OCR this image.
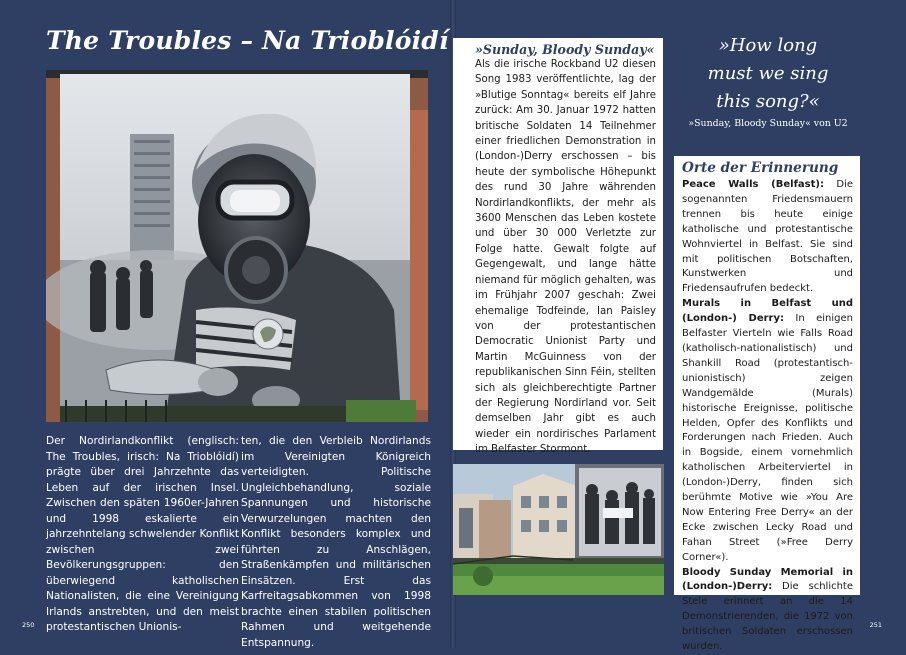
The Troubles – Na Trioblóidí
Der Nordirlandkonflikt (englisch: The Troubles, irisch: Na Trioblóidí) prägte über drei Jahrzehnte das Leben auf der irischen Insel. Zwischen den späten 1960er-Jahren und 1998 eskalierte ein jahrzehntelang schwelender Konflikt zwischen zwei Bevölkerungsgruppen: den überwiegend katholischen Nationalisten, die eine Vereinigung Irlands anstrebten, und den meist protestantischen Unionis-
ten, die den Verbleib Nordirlands im Vereinigten Königreich verteidigten. Politische Ungleichbehandlung, soziale Spannungen und historische Verwurzelungen machten den Konflikt besonders komplex und führten zu Anschlägen, Straßenkämpfen und militärischen Einsätzen. Erst das Karfreitagsabkommen von 1998 brachte einen stabilen politischen Rahmen und weitgehende Entspannung.
250
»Sunday, Bloody Sunday«
Als die irische Rockband U2 diesen Song 1983 veröffentlichte, lag der »Blutige Sonntag« bereits elf Jahre zurück: Am 30. Januar 1972 hatten britische Soldaten 14 Teilnehmer einer friedlichen Demonstration in (London-)Derry erschossen – bis heute der symbolische Höhepunkt des rund 30 Jahre währenden Nordirlandkonflikts, der mehr als 3600 Menschen das Leben kostete und über 30 000 Verletzte zur Folge hatte. Gewalt folgte auf Gegengewalt, und lange hätte niemand für möglich gehalten, was im Frühjahr 2007 geschah: Zwei ehemalige Todfeinde, Ian Paisley von der protestantischen Democratic Unionist Party und Martin McGuinness von der republikanischen Sinn Féin, stellten sich als gleichberechtigte Partner der Regierung Nordirland vor. Seit demselben Jahr gibt es auch wieder ein nordirisches Parlament im Belfaster Stormont.
»How long
must we sing
this song?«
»Sunday, Bloody Sunday« von U2
Orte der Erinnerung
Peace Walls (Belfast): Die sogenannten Friedensmauern trennen bis heute einige katholische und protestantische Wohnviertel in Belfast. Sie sind mit politischen Botschaften, Kunstwerken und Friedensaufrufen bedeckt.
Murals in Belfast und (London-) Derry: In einigen Belfaster Vierteln wie Falls Road (katholisch-nationalistisch) und Shankill Road (protestantisch-unionistisch) zeigen Wandgemälde (Murals) historische Ereignisse, politische Helden, Opfer des Konflikts und Forderungen nach Frieden. Auch in Bogside, einem vornehmlich katholischen Arbeiterviertel in (London-)Derry, finden sich berühmte Motive wie »You Are Now Entering Free Derry« an der Ecke zwischen Lecky Road und Fahan Street (»Free Derry Corner«).
Bloody Sunday Memorial in (London-)Derry: Die schlichte Stele erinnert an die 14 Demonstrierenden, die 1972 von britischen Soldaten erschossen wurden.
251
